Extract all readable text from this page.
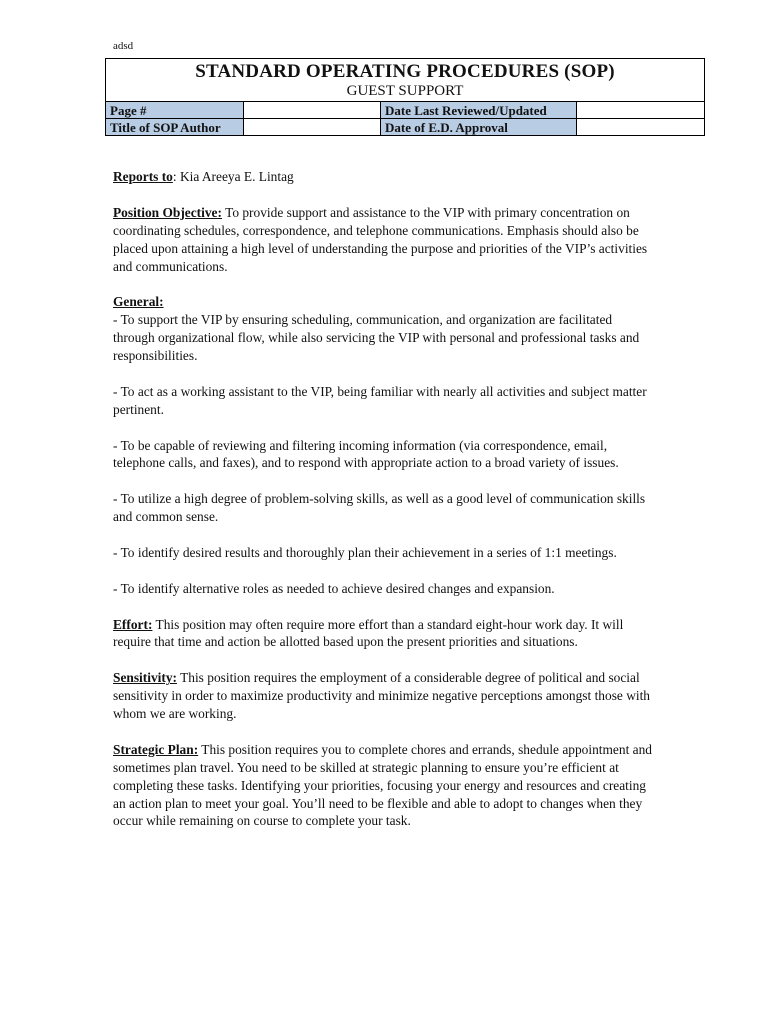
adsd
STANDARD OPERATING PROCEDURES (SOP)
GUEST SUPPORT			

Page #		Date Last Reviewed/Updated	
Title of SOP Author		Date of E.D. Approval	

Reports to: Kia Areeya E. Lintag

Position Objective: To provide support and assistance to the VIP with primary concentration on coordinating schedules, correspondence, and telephone communications. Emphasis should also be placed upon attaining a high level of understanding the purpose and priorities of the VIP’s activities and communications.

General:

- To support the VIP by ensuring scheduling, communication, and organization are facilitated through organizational flow, while also servicing the VIP with personal and professional tasks and responsibilities.

- To act as a working assistant to the VIP, being familiar with nearly all activities and subject matter pertinent.

- To be capable of reviewing and filtering incoming information (via correspondence, email, telephone calls, and faxes), and to respond with appropriate action to a broad variety of issues.

- To utilize a high degree of problem-solving skills, as well as a good level of communication skills and common sense.

- To identify desired results and thoroughly plan their achievement in a series of 1:1 meetings.

- To identify alternative roles as needed to achieve desired changes and expansion.

Effort: This position may often require more effort than a standard eight-hour work day. It will require that time and action be allotted based upon the present priorities and situations.

Sensitivity: This position requires the employment of a considerable degree of political and social sensitivity in order to maximize productivity and minimize negative perceptions amongst those with whom we are working.

Strategic Plan: This position requires you to complete chores and errands, shedule appointment and sometimes plan travel. You need to be skilled at strategic planning to ensure you’re efficient at completing these tasks. Identifying your priorities, focusing your energy and resources and creating an action plan to meet your goal. You’ll need to be flexible and able to adopt to changes when they occur while remaining on course to complete your task.
